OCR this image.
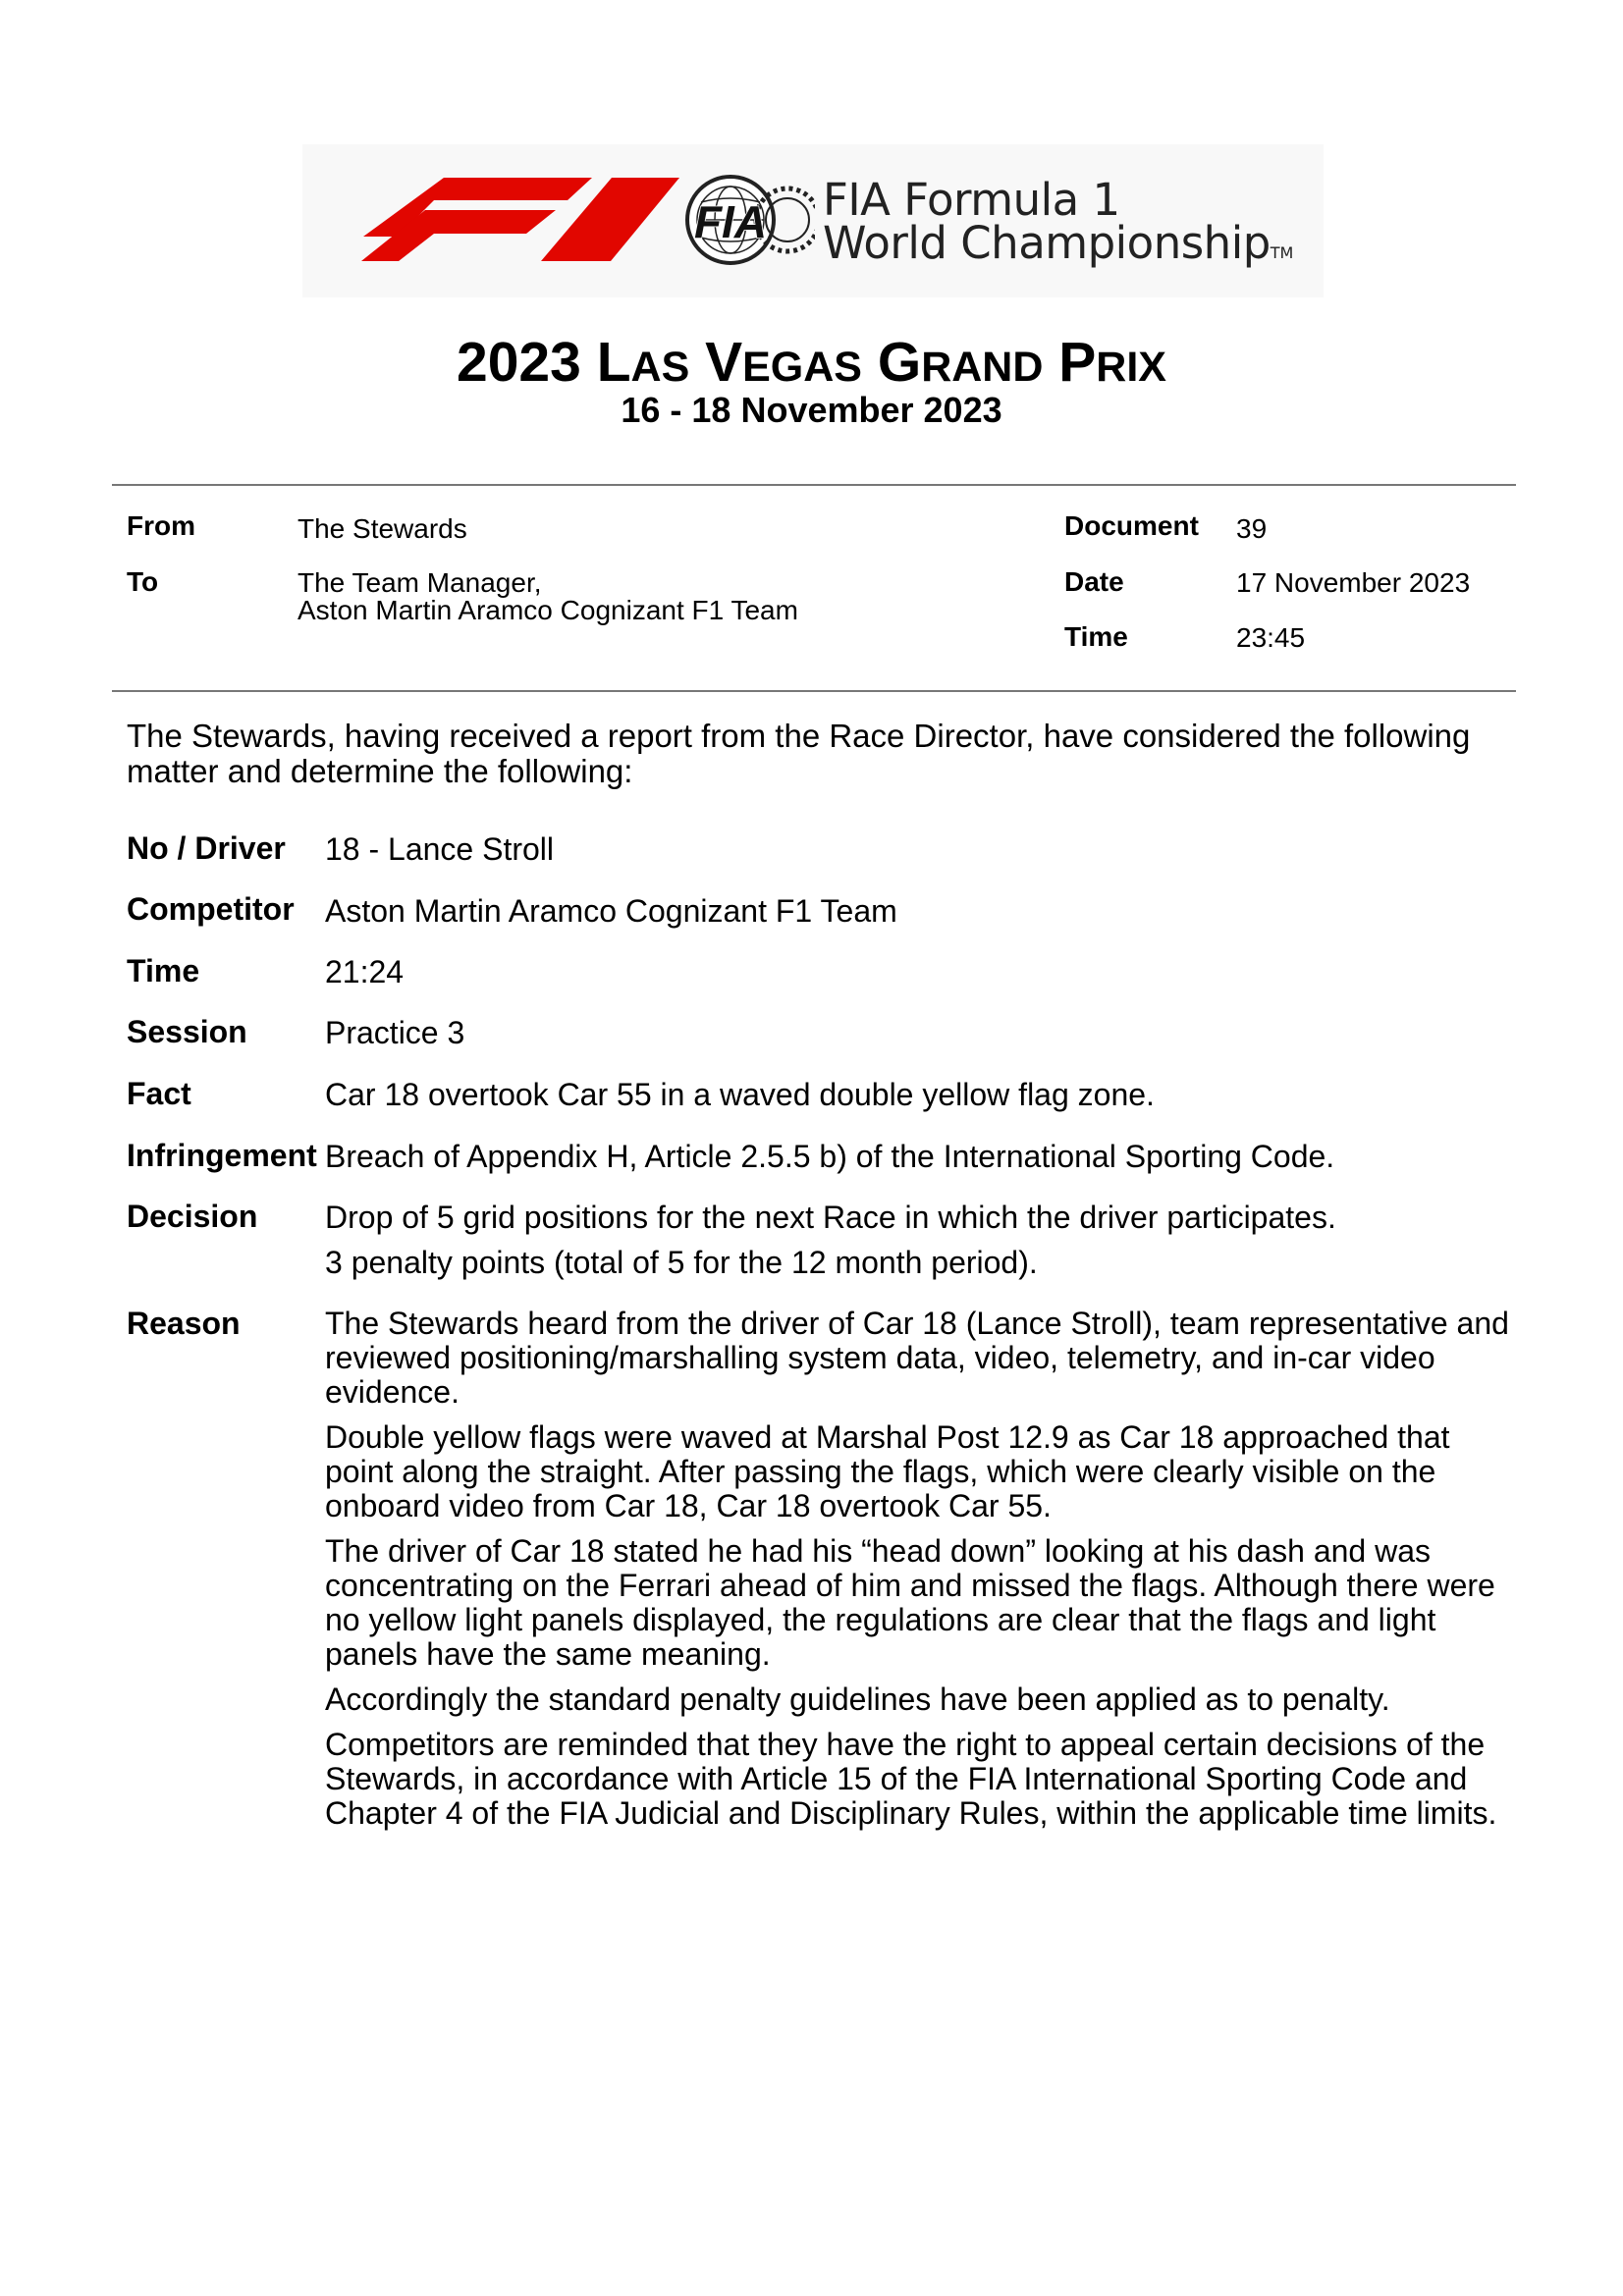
FIA FIA Formula 1
World ChampionshipTM
2023 LAS VEGAS GRAND PRIX
16 - 18 November 2023
From	The Stewards
To	The Team Manager,
Aston Martin Aramco Cognizant F1 Team
Document 39
Date	17 November 2023
Time	23:45
The Stewards, having received a report from the Race Director, have considered the following matter and determine the following:
No / Driver 18 - Lance Stroll
Competitor Aston Martin Aramco Cognizant F1 Team
Time	21:24
Session Practice 3
Fact	Car 18 overtook Car 55 in a waved double yellow flag zone.
Infringement Breach of Appendix H, Article 2.5.5 b) of the International Sporting Code.
Decision Drop of 5 grid positions for the next Race in which the driver participates.
3 penalty points (total of 5 for the 12 month period).
Reason	The Stewards heard from the driver of Car 18 (Lance Stroll), team representative and reviewed positioning/marshalling system data, video, telemetry, and in-car video evidence.
Double yellow flags were waved at Marshal Post 12.9 as Car 18 approached that point along the straight. After passing the flags, which were clearly visible on the onboard video from Car 18, Car 18 overtook Car 55.
The driver of Car 18 stated he had his “head down” looking at his dash and was concentrating on the Ferrari ahead of him and missed the flags. Although there were no yellow light panels displayed, the regulations are clear that the flags and light panels have the same meaning.
Accordingly the standard penalty guidelines have been applied as to penalty.
Competitors are reminded that they have the right to appeal certain decisions of the Stewards, in accordance with Article 15 of the FIA International Sporting Code and Chapter 4 of the FIA Judicial and Disciplinary Rules, within the applicable time limits.
